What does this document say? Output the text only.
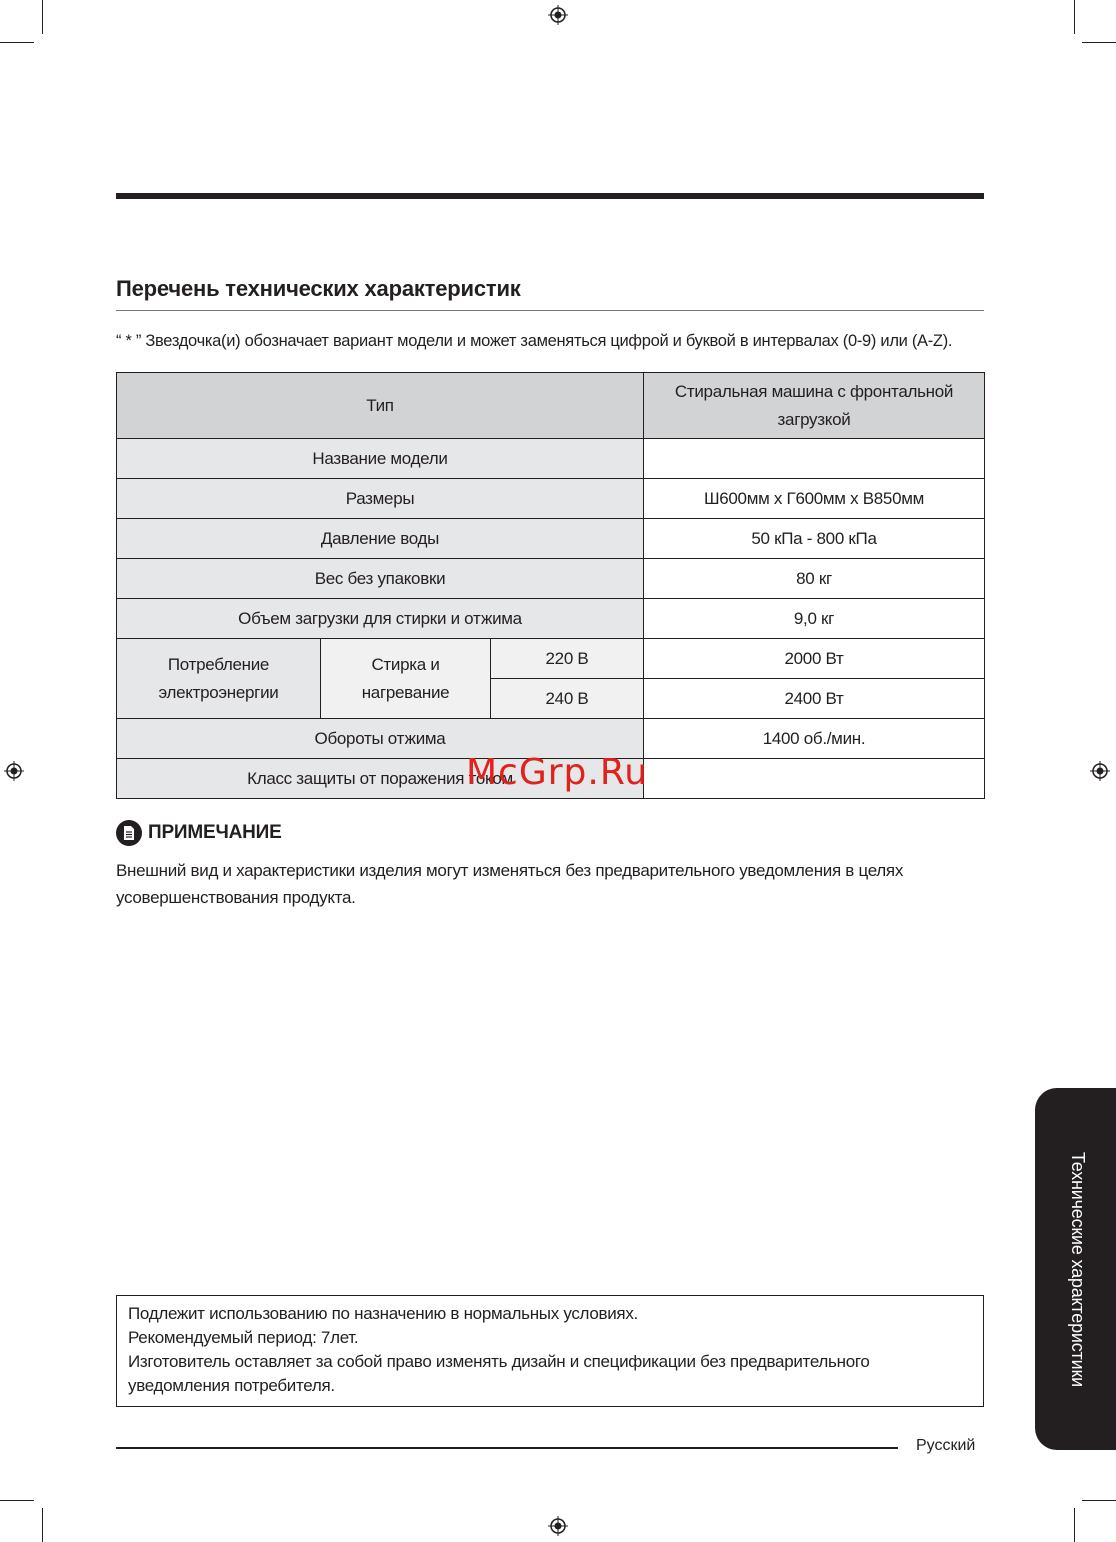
Перечень технических характеристик
“ * ” Звездочка(и) обозначает вариант модели и может заменяться цифрой и буквой в интервалах (0-9) или (A-Z).
Тип			Стиральная машина с фронтальной загрузкой
Название модели			
Размеры			Ш600мм x Г600мм x В850мм
Давление воды			50 кПа - 800 кПа
Вес без упаковки			80 кг
Объем загрузки для стирки и отжима			9,0 кг
Потребление электроэнергии	Стирка и нагревание	220 В	2000 Вт
		240 В	2400 Вт
Обороты отжима			1400 об./мин.
Класс защиты от поражения током			
McGrp.Ru
ПРИМЕЧАНИЕ
Внешний вид и характеристики изделия могут изменяться без предварительного уведомления в целях усовершенствования продукта.
Подлежит использованию по назначению в нормальных условиях.
Рекомендуемый период: 7лет.
Изготовитель оставляет за собой право изменять дизайн и спецификации без предварительного
уведомления потребителя.
Русский
Технические характеристики
